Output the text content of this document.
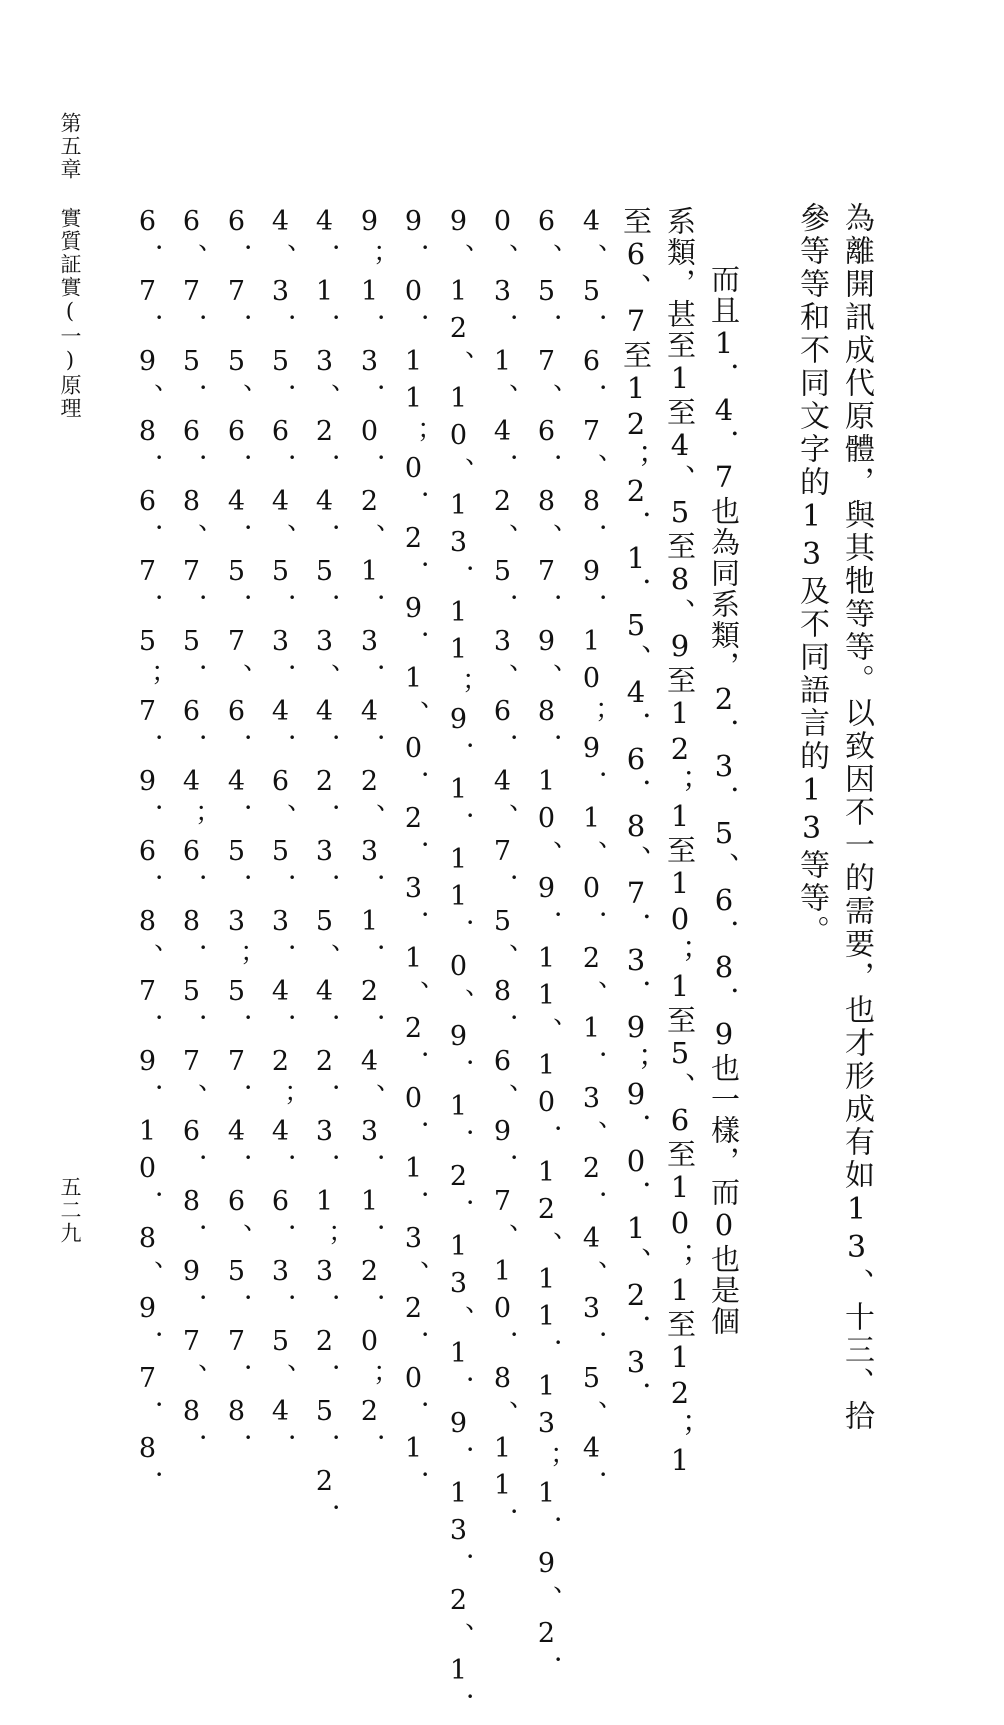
第五章 實質証實(一)原理
五二九	為離開訊成代原體，與其牠等等。以致因不一的需要，也才形成有如13、十三、拾
參等等和不同文字的13及不同語言的13等等。
而且1．4．7也為同系類，2．3．5、6．8．9也一樣，而0也是個
系類，甚至1至4、5至8、9至12；1至10；1至5、6至10；1至12；1
至6、7至12；2．1．5、4．6．8、7．3．9；9．0．1、2．3．
4、5．6．7、8．9．10；9．1、0．2、1．3、2．4、3．5、4．
6、5．7、6．8、7．9、8．10、9．11、10．12、11．13；1．9、2．
0、3．1、4．2、5．3、6．4、7．5、8．6、9．7、10．8、11．
9、12、10、13．11；9．1．11．0、9．1．2．13、1．9．13．2、1．
9．0．11；0．2．9．1、0．2．3．1、2．0．1．3、2．0．1．
9；1．3．0．2、1．3．4．2、3．1．2．4、3．1．2．0；2．
4．1．3、2．4．5．3、4．2．3．5、4．2．3．1；3．2．5．2．
4、3．5．6．4、5．3．4．6、5．3．4．2；4．6．3．5、4．
6．7．5、6．4．5．7、6．4．5．3；5．7．4．6、5．7．8．
6、7．5．6．8、7．5．6．4；6．8．5．7、6．8．9．7、8．
6．7．9、8．6．7．5；7．9．6．8、7．9．10．8、9．7．8．
